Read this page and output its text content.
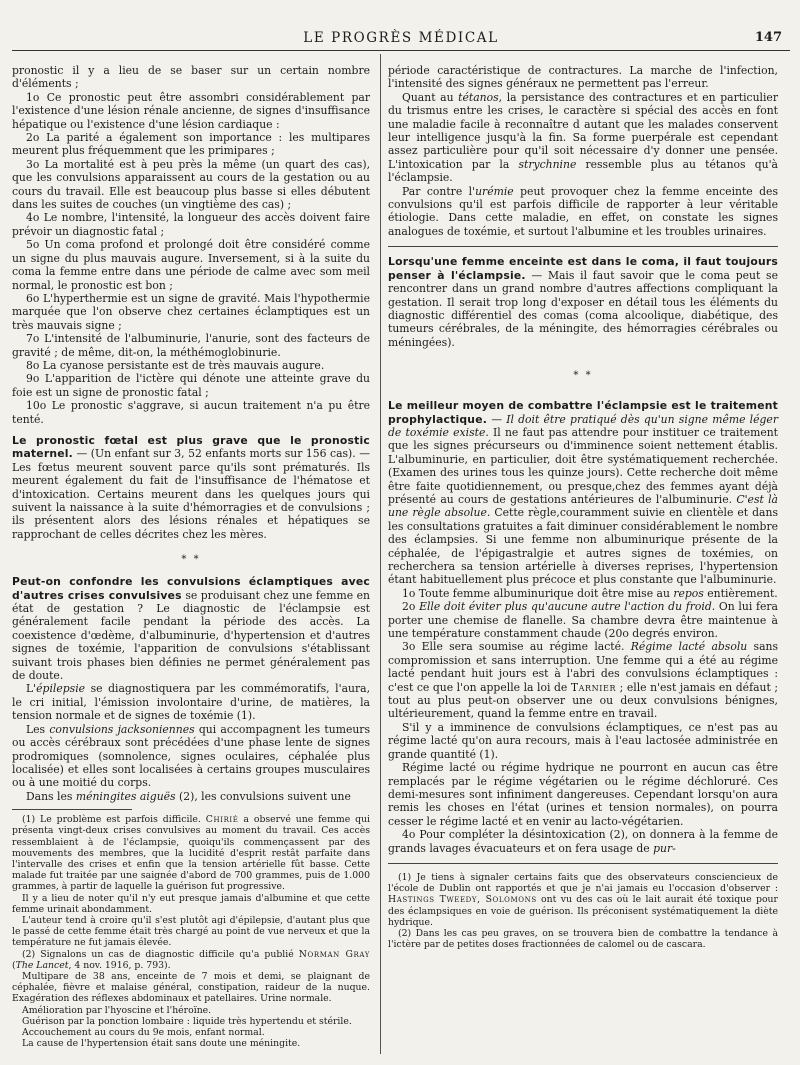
LE PROGRÈS MÉDICAL	147

pronostic il y a lieu de se baser sur un certain nombre d'éléments ;

1o Ce pronostic peut être assombri considérablement par l'existence d'une lésion rénale ancienne, de signes d'insuffisance hépatique ou l'existence d'une lésion cardiaque :

2o La parité a également son importance : les multipares meurent plus fréquemment que les primipares ;

3o La mortalité est à peu près la même (un quart des cas), que les convulsions apparaissent au cours de la gestation ou au cours du travail. Elle est beaucoup plus basse si elles débutent dans les suites de couches (un vingtième des cas) ;

4o Le nombre, l'intensité, la longueur des accès doivent faire prévoir un diagnostic fatal ;

5o Un coma profond et prolongé doit être considéré comme un signe du plus mauvais augure. Inversement, si à la suite du coma la femme entre dans une période de calme avec som meil normal, le pronostic est bon ;

6o L'hyperthermie est un signe de gravité. Mais l'hypothermie marquée que l'on observe chez certaines éclamptiques est un très mauvais signe ;

7o L'intensité de l'albuminurie, l'anurie, sont des facteurs de gravité ; de même, dit-on, la méthémoglobinurie.

8o La cyanose persistante est de très mauvais augure.

9o L'apparition de l'ictère qui dénote une atteinte grave du foie est un signe de pronostic fatal ;

10o Le pronostic s'aggrave, si aucun traitement n'a pu être tenté.

Le pronostic fœtal est plus grave que le pronostic maternel. — (Un enfant sur 3, 52 enfants morts sur 156 cas). — Les fœtus meurent souvent parce qu'ils sont prématurés. Ils meurent également du fait de l'insuffisance de l'hématose et d'intoxication. Certains meurent dans les quelques jours qui suivent la naissance à la suite d'hémorragies et de convulsions ; ils présentent alors des lésions rénales et hépatiques se rapprochant de celles décrites chez les mères.

* *

Peut-on confondre les convulsions éclamptiques avec d'autres crises convulsives se produisant chez une femme en état de gestation ? Le diagnostic de l'éclampsie est généralement facile pendant la période des accès. La coexistence d'œdème, d'albuminurie, d'hypertension et d'autres signes de toxémie, l'apparition de convulsions s'établissant suivant trois phases bien définies ne permet généralement pas de doute.

L'épilepsie se diagnostiquera par les commémoratifs, l'aura, le cri initial, l'émission involontaire d'urine, de matières, la tension normale et de signes de toxémie (1).

Les convulsions jacksoniennes qui accompagnent les tumeurs ou accès cérébraux sont précédées d'une phase lente de signes prodromiques (somnolence, signes oculaires, céphalée plus localisée) et elles sont localisées à certains groupes musculaires ou à une moitié du corps.

Dans les méningites aiguës (2), les convulsions suivent une

(1) Le problème est parfois difficile. Chirié a observé une femme qui présenta vingt-deux crises convulsives au moment du travail. Ces accès ressemblaient à de l'éclampsie, quoiqu'ils commençassent par des mouvements des membres, que la lucidité d'esprit restât parfaite dans l'intervalle des crises et enfin que la tension artérielle fût basse. Cette malade fut traitée par une saignée d'abord de 700 grammes, puis de 1.000 grammes, à partir de laquelle la guérison fut progressive.

Il y a lieu de noter qu'il n'y eut presque jamais d'albumine et que cette femme urinait abondamment.

L'auteur tend à croire qu'il s'est plutôt agi d'épilepsie, d'autant plus que le passé de cette femme était très chargé au point de vue nerveux et que la température ne fut jamais élevée.

(2) Signalons un cas de diagnostic difficile qu'a publié Norman Gray (The Lancet, 4 nov. 1916, p. 793).

Multipare de 38 ans, enceinte de 7 mois et demi, se plaignant de céphalée, fièvre et malaise général, constipation, raideur de la nuque. Exagération des réflexes abdominaux et patellaires. Urine normale.

Amélioration par l'hyoscine et l'héroïne.

Guérison par la ponction lombaire : liquide très hypertendu et stérile.

Accouchement au cours du 9e mois, enfant normal.

La cause de l'hypertension était sans doute une méningite.

période caractéristique de contractures. La marche de l'infection, l'intensité des signes généraux ne permettent pas l'erreur.

Quant au tétanos, la persistance des contractures et en particulier du trismus entre les crises, le caractère si spécial des accès en font une maladie facile à reconnaître d autant que les malades conservent leur intelligence jusqu'à la fin. Sa forme puerpérale est cependant assez particulière pour qu'il soit nécessaire d'y donner une pensée. L'intoxication par la strychnine ressemble plus au tétanos qu'à l'éclampsie.

Par contre l'urémie peut provoquer chez la femme enceinte des convulsions qu'il est parfois difficile de rapporter à leur véritable étiologie. Dans cette maladie, en effet, on constate les signes analogues de toxémie, et surtout l'albumine et les troubles urinaires.

Lorsqu'une femme enceinte est dans le coma, il faut toujours penser à l'éclampsie. — Mais il faut savoir que le coma peut se rencontrer dans un grand nombre d'autres affections compliquant la gestation. Il serait trop long d'exposer en détail tous les éléments du diagnostic différentiel des comas (coma alcoolique, diabétique, des tumeurs cérébrales, de la méningite, des hémorragies cérébrales ou méningées).

* *

Le meilleur moyen de combattre l'éclampsie est le traitement prophylactique. — Il doit être pratiqué dès qu'un signe même léger de toxémie existe. Il ne faut pas attendre pour instituer ce traitement que les signes précurseurs ou d'imminence soient nettement établis. L'albuminurie, en particulier, doit être systématiquement recherchée. (Examen des urines tous les quinze jours). Cette recherche doit même être faite quotidiennement, ou presque,chez des femmes ayant déjà présenté au cours de gestations antérieures de l'albuminurie. C'est là une règle absolue. Cette règle,couramment suivie en clientèle et dans les consultations gratuites a fait diminuer considérablement le nombre des éclampsies. Si une femme non albuminurique présente de la céphalée, de l'épigastralgie et autres signes de toxémies, on recherchera sa tension artérielle à diverses reprises, l'hypertension étant habituellement plus précoce et plus constante que l'albuminurie.

1o Toute femme albuminurique doit être mise au repos entièrement.

2o Elle doit éviter plus qu'aucune autre l'action du froid. On lui fera porter une chemise de flanelle. Sa chambre devra être maintenue à une température constamment chaude (20o degrés environ.

3o Elle sera soumise au régime lacté. Régime lacté absolu sans compromission et sans interruption. Une femme qui a été au régime lacté pendant huit jours est à l'abri des convulsions éclamptiques : c'est ce que l'on appelle la loi de Tarnier ; elle n'est jamais en défaut ; tout au plus peut-on observer une ou deux convulsions bénignes, ultérieurement, quand la femme entre en travail.

S'il y a imminence de convulsions éclamptiques, ce n'est pas au régime lacté qu'on aura recours, mais à l'eau lactosée administrée en grande quantité (1).

Régime lacté ou régime hydrique ne pourront en aucun cas être remplacés par le régime végétarien ou le régime déchloruré. Ces demi-mesures sont infiniment dangereuses. Cependant lorsqu'on aura remis les choses en l'état (urines et tension normales), on pourra cesser le régime lacté et en venir au lacto-végétarien.

4o Pour compléter la désintoxication (2), on donnera à la femme de grands lavages évacuateurs et on fera usage de pur-

(1) Je tiens à signaler certains faits que des observateurs consciencieux de l'école de Dublin ont rapportés et que je n'ai jamais eu l'occasion d'observer : Hastings Tweedy, Solomons ont vu des cas où le lait aurait été toxique pour des éclampsiques en voie de guérison. Ils préconisent systématiquement la diète hydrique.

(2) Dans les cas peu graves, on se trouvera bien de combattre la tendance à l'ictère par de petites doses fractionnées de calomel ou de cascara.
